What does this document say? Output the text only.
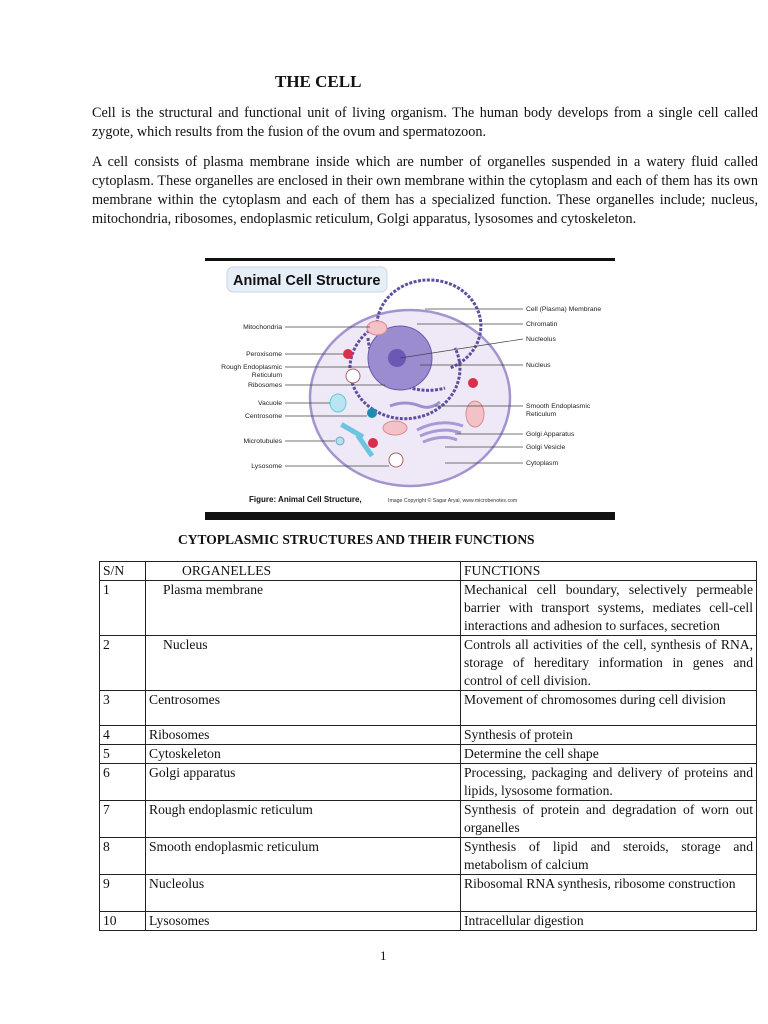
THE CELL

Cell is the structural and functional unit of living organism. The human body develops from a single cell called zygote, which results from the fusion of the ovum and spermatozoon.

A cell consists of plasma membrane inside which are number of organelles suspended in a watery fluid called cytoplasm. These organelles are enclosed in their own membrane within the cytoplasm and each of them has its own membrane within the cytoplasm and each of them has a specialized function. These organelles include; nucleus, mitochondria, ribosomes, endoplasmic reticulum, Golgi apparatus, lysosomes and cytoskeleton.

Animal Cell Structure
Mitochondria
Peroxisome
Rough Endoplasmic
Reticulum
Ribosomes
Vacuole
Centrosome
Microtubules
Lysosome
Cell (Plasma) Membrane
Chromatin
Nucleolus
Nucleus
Smooth Endoplasmic
Reticulum
Golgi Apparatus
Golgi Vesicle
Cytoplasm
Figure: Animal Cell Structure,	Image Copyright © Sagar Aryal, www.microbenotes.com
CYTOPLASMIC STRUCTURES AND THEIR FUNCTIONS
S/N	ORGANELLES	FUNCTIONS
1	Plasma membrane	Mechanical cell boundary, selectively permeable barrier with transport systems, mediates cell-cell interactions and adhesion to surfaces, secretion
2	Nucleus	Controls all activities of the cell, synthesis of RNA, storage of hereditary information in genes and control of cell division.
3	Centrosomes	Movement of chromosomes during cell division
4	Ribosomes	Synthesis of protein
5	Cytoskeleton	Determine the cell shape
6	Golgi apparatus	Processing, packaging and delivery of proteins and lipids, lysosome formation.
7	Rough endoplasmic reticulum	Synthesis of protein and degradation of worn out organelles
8	Smooth endoplasmic reticulum	Synthesis of lipid and steroids, storage and metabolism of calcium
9	Nucleolus	Ribosomal RNA synthesis, ribosome construction
10	Lysosomes	Intracellular digestion
1
